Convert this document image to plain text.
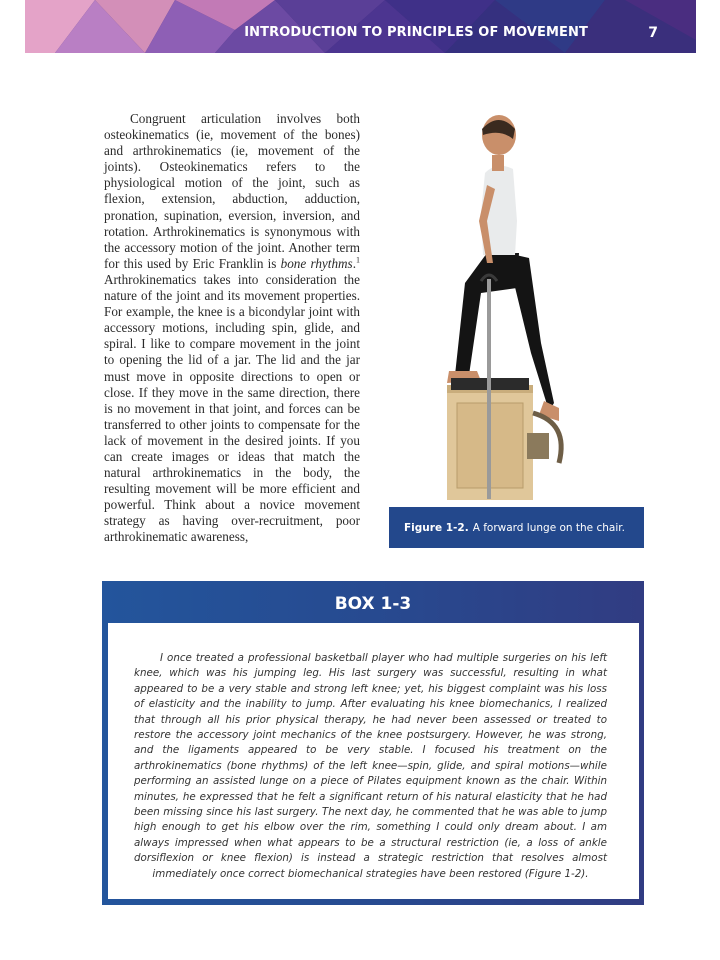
INTRODUCTION TO PRINCIPLES OF MOVEMENT	7

Congruent articulation involves both osteokinematics (ie, movement of the bones) and arthrokinematics (ie, movement of the joints). Osteokinematics refers to the physiological motion of the joint, such as flexion, extension, abduction, adduction, pronation, supination, eversion, inversion, and rotation. Arthrokinematics is synonymous with the accessory motion of the joint. Another term for this used by Eric Franklin is bone rhythms.$^1$ Arthrokinematics takes into consideration the nature of the joint and its movement properties. For example, the knee is a bicondylar joint with accessory motions, including spin, glide, and spiral. I like to compare movement in the joint to opening the lid of a jar. The lid and the jar must move in opposite directions to open or close. If they move in the same direction, there is no movement in that joint, and forces can be transferred to other joints to compensate for the lack of movement in the desired joints. If you can create images or ideas that match the natural arthrokinematics in the body, the resulting movement will be more efficient and powerful. Think about a novice movement strategy as having over-recruitment, poor arthrokinematic awareness,

Figure 1-2. A forward lunge on the chair.
BOX 1-3

I once treated a professional basketball player who had multiple surgeries on his left knee, which was his jumping leg. His last surgery was successful, resulting in what appeared to be a very stable and strong left knee; yet, his biggest complaint was his loss of elasticity and the inability to jump. After evaluating his knee biomechanics, I realized that through all his prior physical therapy, he had never been assessed or treated to restore the accessory joint mechanics of the knee postsurgery. However, he was strong, and the ligaments appeared to be very stable. I focused his treatment on the arthrokinematics (bone rhythms) of the left knee—spin, glide, and spiral motions—while performing an assisted lunge on a piece of Pilates equipment known as the chair. Within minutes, he expressed that he felt a significant return of his natural elasticity that he had been missing since his last surgery. The next day, he commented that he was able to jump high enough to get his elbow over the rim, something I could only dream about. I am always impressed when what appears to be a structural restriction (ie, a loss of ankle dorsiflexion or knee flexion) is instead a strategic restriction that resolves almost immediately once correct biomechanical strategies have been restored (Figure 1-2).
